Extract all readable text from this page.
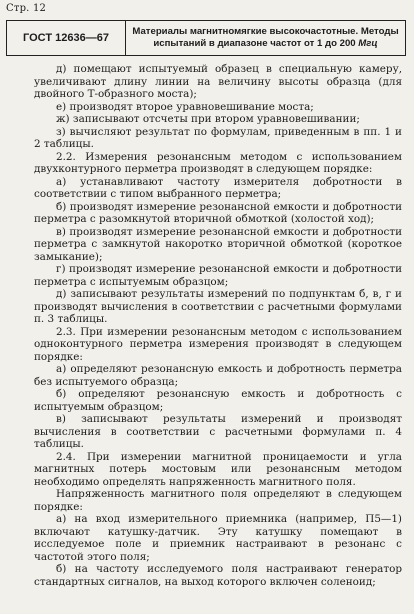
Стр. 12
ГОСТ 12636—67
Материалы магнитномягкие высокочастотные. Методы
испытаний в диапазоне частот от 1 до 200 Мгц

д) помещают испытуемый образец в специальную камеру, увеличивают длину линии на величину высоты образца (для двойного Т-образного моста);

е) производят второе уравновешивание моста;

ж) записывают отсчеты при втором уравновешивании;

з) вычисляют результат по формулам, приведенным в пп. 1 и 2 таблицы.

2.2. Измерения резонансным методом с использованием двухконтурного перметра производят в следующем порядке:

а) устанавливают частоту измерителя добротности в соответствии с типом выбранного перметра;

б) производят измерение резонансной емкости и добротности перметра с разомкнутой вторичной обмоткой (холостой ход);

в) производят измерение резонансной емкости и добротности перметра с замкнутой накоротко вторичной обмоткой (короткое замыкание);

г) производят измерение резонансной емкости и добротности перметра с испытуемым образцом;

д) записывают результаты измерений по подпунктам б, в, г и производят вычисления в соответствии с расчетными формулами п. 3 таблицы.

2.3. При измерении резонансным методом с использованием одноконтурного перметра измерения производят в следующем порядке:

а) определяют резонансную емкость и добротность перметра без испытуемого образца;

б) определяют резонансную емкость и добротность с испытуемым образцом;

в) записывают результаты измерений и производят вычисления в соответствии с расчетными формулами п. 4 таблицы.

2.4. При измерении магнитной проницаемости и угла магнитных потерь мостовым или резонансным методом необходимо определять напряженность магнитного поля.

Напряженность магнитного поля определяют в следующем порядке:

а) на вход измерительного приемника (например, П5—1) включают катушку-датчик. Эту катушку помещают в исследуемое поле и приемник настраивают в резонанс с частотой этого поля;

б) на частоту исследуемого поля настраивают генератор стандартных сигналов, на выход которого включен соленоид;
